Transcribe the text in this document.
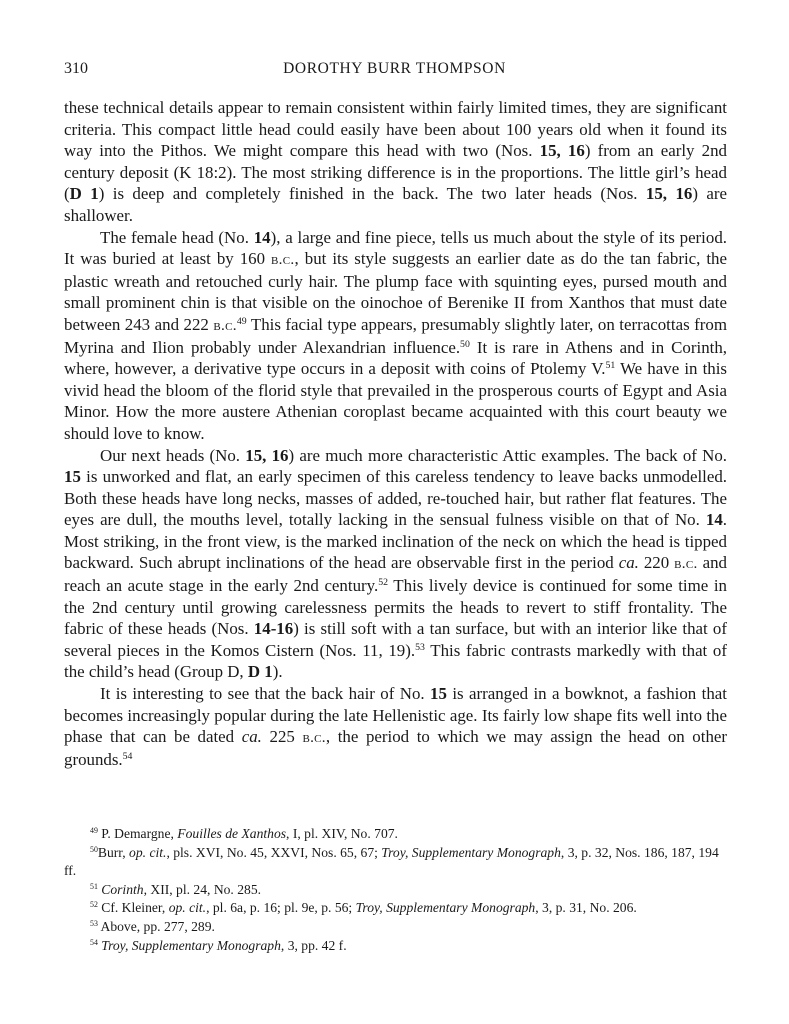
310	DOROTHY BURR THOMPSON

these technical details appear to remain consistent within fairly limited times, they are significant criteria. This compact little head could easily have been about 100 years old when it found its way into the Pithos. We might compare this head with two (Nos. 15, 16) from an early 2nd century deposit (K 18:2). The most striking difference is in the proportions. The little girl’s head (D 1) is deep and completely finished in the back. The two later heads (Nos. 15, 16) are shallower.

The female head (No. 14), a large and fine piece, tells us much about the style of its period. It was buried at least by 160 b.c., but its style suggests an earlier date as do the tan fabric, the plastic wreath and retouched curly hair. The plump face with squinting eyes, pursed mouth and small prominent chin is that visible on the oinochoe of Berenike II from Xanthos that must date between 243 and 222 b.c.$^{49}$ This facial type appears, presumably slightly later, on terracottas from Myrina and Ilion probably under Alexandrian influence.$^{50}$ It is rare in Athens and in Corinth, where, however, a derivative type occurs in a deposit with coins of Ptolemy V.$^{51}$ We have in this vivid head the bloom of the florid style that prevailed in the prosperous courts of Egypt and Asia Minor. How the more austere Athenian coroplast became acquainted with this court beauty we should love to know.

Our next heads (No. 15, 16) are much more characteristic Attic examples. The back of No. 15 is unworked and flat, an early specimen of this careless tendency to leave backs unmodelled. Both these heads have long necks, masses of added, re-touched hair, but rather flat features. The eyes are dull, the mouths level, totally lacking in the sensual fulness visible on that of No. 14. Most striking, in the front view, is the marked inclination of the neck on which the head is tipped backward. Such abrupt inclinations of the head are observable first in the period ca. 220 b.c. and reach an acute stage in the early 2nd century.$^{52}$ This lively device is continued for some time in the 2nd century until growing carelessness permits the heads to revert to stiff frontality. The fabric of these heads (Nos. 14-16) is still soft with a tan surface, but with an interior like that of several pieces in the Komos Cistern (Nos. 11, 19).$^{53}$ This fabric contrasts markedly with that of the child’s head (Group D, D 1).

It is interesting to see that the back hair of No. 15 is arranged in a bowknot, a fashion that becomes increasingly popular during the late Hellenistic age. Its fairly low shape fits well into the phase that can be dated ca. 225 b.c., the period to which we may assign the head on other grounds.$^{54}$

$^{49}$ P. Demargne, Fouilles de Xanthos, I, pl. XIV, No. 707.

$^{50}$Burr, op. cit., pls. XVI, No. 45, XXVI, Nos. 65, 67; Troy, Supplementary Monograph, 3, p. 32, Nos. 186, 187, 194 ff.

$^{51}$ Corinth, XII, pl. 24, No. 285.

$^{52}$ Cf. Kleiner, op. cit., pl. 6a, p. 16; pl. 9e, p. 56; Troy, Supplementary Monograph, 3, p. 31, No. 206.

$^{53}$ Above, pp. 277, 289.

$^{54}$ Troy, Supplementary Monograph, 3, pp. 42 f.
